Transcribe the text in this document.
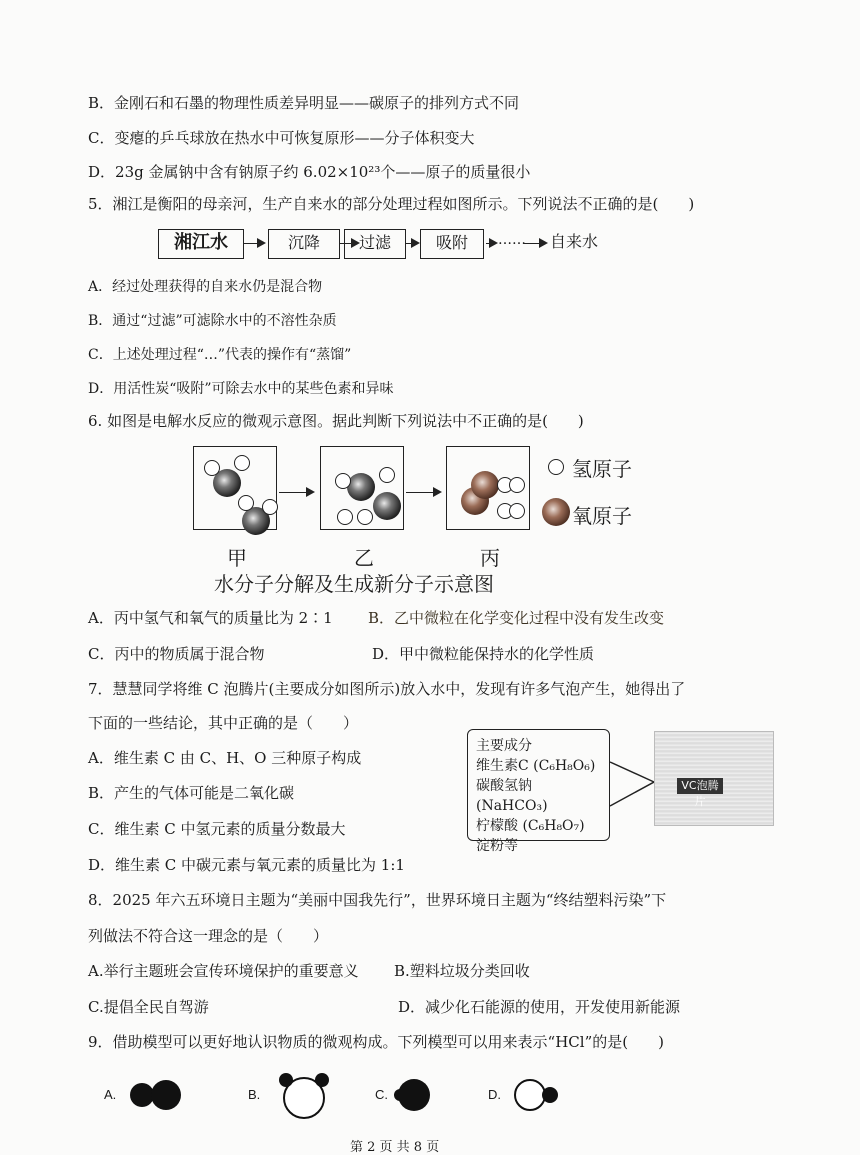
B．金刚石和石墨的物理性质差异明显——碳原子的排列方式不同
C．变瘪的乒乓球放在热水中可恢复原形——分子体积变大
D．23g 金属钠中含有钠原子约 6.02×10²³个——原子的质量很小
5．湘江是衡阳的母亲河，生产自来水的部分处理过程如图所示。下列说法不正确的是(　　)
湘江水	沉降	过滤	吸附	…… 自来水
A．经过处理获得的自来水仍是混合物
B．通过“过滤”可滤除水中的不溶性杂质
C．上述处理过程“…”代表的操作有“蒸馏”
D．用活性炭“吸附”可除去水中的某些色素和异味
6. 如图是电解水反应的微观示意图。据此判断下列说法中不正确的是(　　)
氢原子
氧原子
甲	乙	丙
水分子分解及生成新分子示意图
A．丙中氢气和氧气的质量比为 2∶1 B．乙中微粒在化学变化过程中没有发生改变
C．丙中的物质属于混合物	D．甲中微粒能保持水的化学性质
7．慧慧同学将维 C 泡腾片(主要成分如图所示)放入水中，发现有许多气泡产生，她得出了
下面的一些结论，其中正确的是（　　）
A．维生素 C 由 C、H、O 三种原子构成
B．产生的气体可能是二氧化碳
C．维生素 C 中氢元素的质量分数最大
D．维生素 C 中碳元素与氧元素的质量比为 1:1
主要成分
维生素C (C₆H₈O₆)
碳酸氢钠 (NaHCO₃)
柠檬酸 (C₆H₈O₇)
淀粉等
VC泡腾片
8．2025 年六五环境日主题为“美丽中国我先行”，世界环境日主题为“终结塑料污染”下
列做法不符合这一理念的是（　　）
A.举行主题班会宣传环境保护的重要意义 B.塑料垃圾分类回收
C.提倡全民自驾游	D．减少化石能源的使用，开发使用新能源
9．借助模型可以更好地认识物质的微观构成。下列模型可以用来表示“HCl”的是(　　)
A.	B.	C.	D.
第 2 页 共 8 页
